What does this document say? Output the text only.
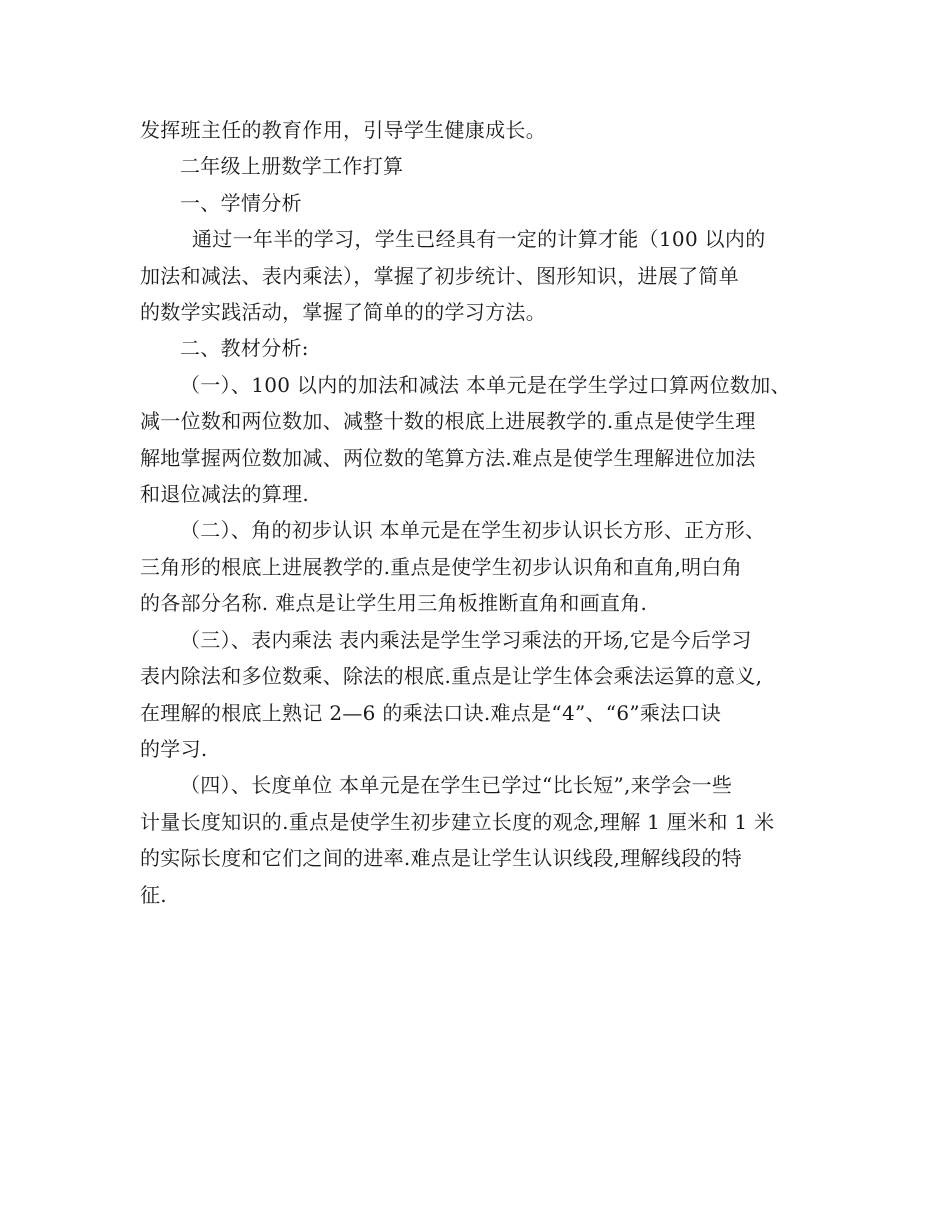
发挥班主任的教育作用，引导学生健康成长。

二年级上册数学工作打算

一、学情分析

通过一年半的学习，学生已经具有一定的计算才能（100 以内的
加法和减法、表内乘法），掌握了初步统计、图形知识，进展了简单
的数学实践活动，掌握了简单的的学习方法。

二、教材分析:

（一）、100 以内的加法和减法 本单元是在学生学过口算两位数加、
减一位数和两位数加、减整十数的根底上进展教学的.重点是使学生理
解地掌握两位数加减、两位数的笔算方法.难点是使学生理解进位加法
和退位减法的算理.

（二）、角的初步认识 本单元是在学生初步认识长方形、正方形、
三角形的根底上进展教学的.重点是使学生初步认识角和直角,明白角
的各部分名称. 难点是让学生用三角板推断直角和画直角.

（三）、表内乘法 表内乘法是学生学习乘法的开场,它是今后学习
表内除法和多位数乘、除法的根底.重点是让学生体会乘法运算的意义,
在理解的根底上熟记 2—6 的乘法口诀.难点是“4”、“6”乘法口诀
的学习.

（四）、长度单位 本单元是在学生已学过“比长短”,来学会一些
计量长度知识的.重点是使学生初步建立长度的观念,理解 1 厘米和 1 米
的实际长度和它们之间的进率.难点是让学生认识线段,理解线段的特
征.
